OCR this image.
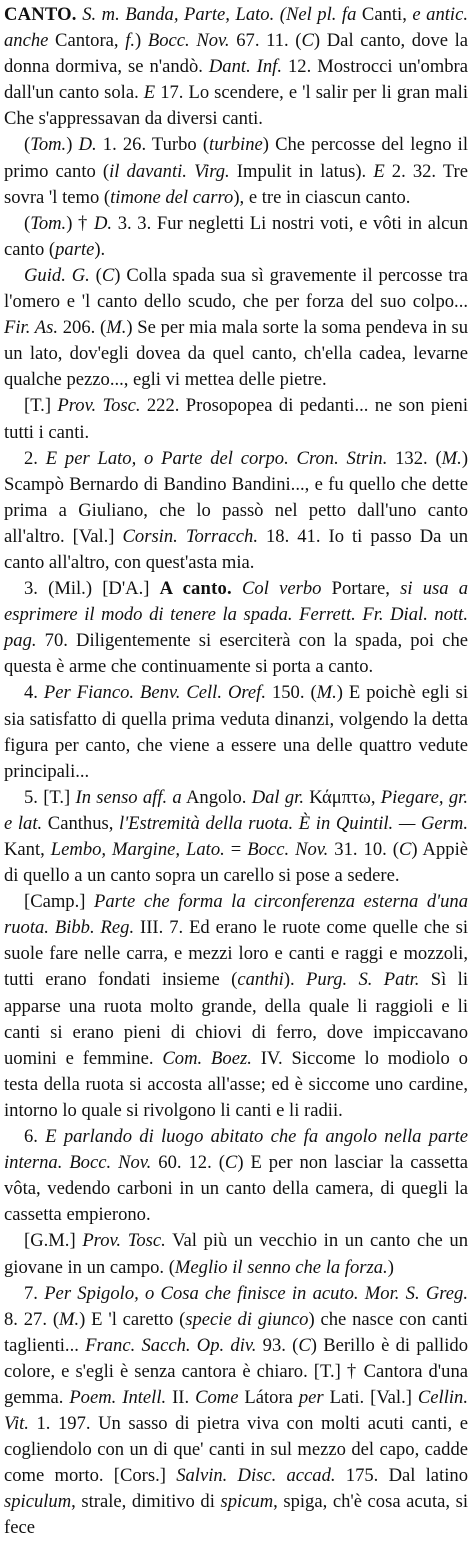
CANTO. S. m. Banda, Parte, Lato. (Nel pl. fa Canti, e antic. anche Cantora, f.) Bocc. Nov. 67. 11. (C) Dal canto, dove la donna dormiva, se n'andò. Dant. Inf. 12. Mostrocci un'ombra dall'un canto sola. E 17. Lo scendere, e 'l salir per li gran mali Che s'appressavan da diversi canti.

(Tom.) D. 1. 26. Turbo (turbine) Che percosse del legno il primo canto (il davanti. Virg. Impulit in latus). E 2. 32. Tre sovra 'l temo (timone del carro), e tre in ciascun canto.

(Tom.) † D. 3. 3. Fur negletti Li nostri voti, e vôti in alcun canto (parte).

Guid. G. (C) Colla spada sua sì gravemente il percosse tra l'omero e 'l canto dello scudo, che per forza del suo colpo... Fir. As. 206. (M.) Se per mia mala sorte la soma pendeva in su un lato, dov'egli dovea da quel canto, ch'ella cadea, levarne qualche pezzo..., egli vi mettea delle pietre.

[T.] Prov. Tosc. 222. Prosopopea di pedanti... ne son pieni tutti i canti.

2. E per Lato, o Parte del corpo. Cron. Strin. 132. (M.) Scampò Bernardo di Bandino Bandini..., e fu quello che dette prima a Giuliano, che lo passò nel petto dall'uno canto all'altro. [Val.] Corsin. Torracch. 18. 41. Io ti passo Da un canto all'altro, con quest'asta mia.

3. (Mil.) [D'A.] A canto. Col verbo Portare, si usa a esprimere il modo di tenere la spada. Ferrett. Fr. Dial. nott. pag. 70. Diligentemente si eserciterà con la spada, poi che questa è arme che continuamente si porta a canto.

4. Per Fianco. Benv. Cell. Oref. 150. (M.) E poichè egli si sia satisfatto di quella prima veduta dinanzi, volgendo la detta figura per canto, che viene a essere una delle quattro vedute principali...

5. [T.] In senso aff. a Angolo. Dal gr. Κάμπτω, Piegare, gr. e lat. Canthus, l'Estremità della ruota. È in Quintil. — Germ. Kant, Lembo, Margine, Lato. = Bocc. Nov. 31. 10. (C) Appiè di quello a un canto sopra un carello si pose a sedere.

[Camp.] Parte che forma la circonferenza esterna d'una ruota. Bibb. Reg. III. 7. Ed erano le ruote come quelle che si suole fare nelle carra, e mezzi loro e canti e raggi e mozzoli, tutti erano fondati insieme (canthi). Purg. S. Patr. Sì li apparse una ruota molto grande, della quale li raggioli e li canti si erano pieni di chiovi di ferro, dove impiccavano uomini e femmine. Com. Boez. IV. Siccome lo modiolo o testa della ruota si accosta all'asse; ed è siccome uno cardine, intorno lo quale si rivolgono li canti e li radii.

6. E parlando di luogo abitato che fa angolo nella parte interna. Bocc. Nov. 60. 12. (C) E per non lasciar la cassetta vôta, vedendo carboni in un canto della camera, di quegli la cassetta empierono.

[G.M.] Prov. Tosc. Val più un vecchio in un canto che un giovane in un campo. (Meglio il senno che la forza.)

7. Per Spigolo, o Cosa che finisce in acuto. Mor. S. Greg. 8. 27. (M.) E 'l caretto (specie di giunco) che nasce con canti taglienti... Franc. Sacch. Op. div. 93. (C) Berillo è di pallido colore, e s'egli è senza cantora è chiaro. [T.] † Cantora d'una gemma. Poem. Intell. II. Come Látora per Lati. [Val.] Cellin. Vit. 1. 197. Un sasso di pietra viva con molti acuti canti, e cogliendolo con un di que' canti in sul mezzo del capo, cadde come morto. [Cors.] Salvin. Disc. accad. 175. Dal latino spiculum, strale, dimitivo di spicum, spiga, ch'è cosa acuta, si fece
